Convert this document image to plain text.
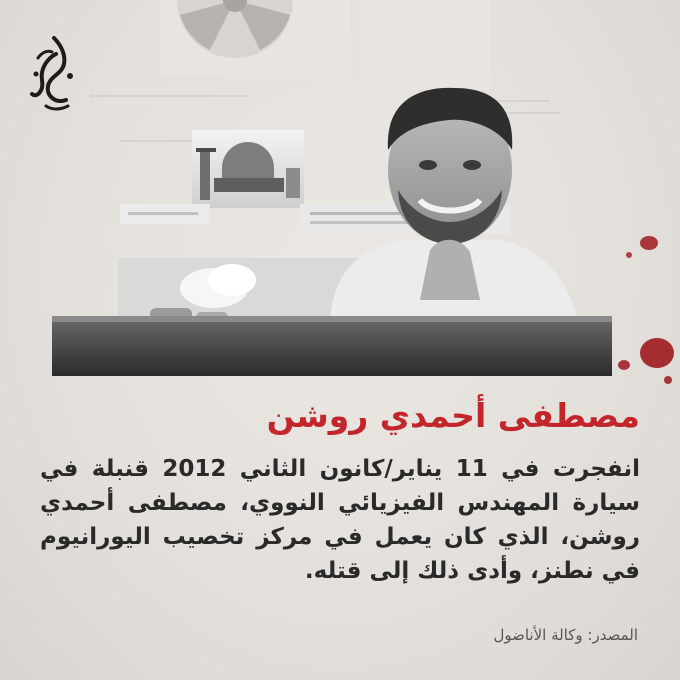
مصطفى أحمدي روشن
انفجرت في 11 يناير/كانون الثاني 2012 قنبلة في سيارة المهندس الفيزيائي النووي، مصطفى أحمدي روشن، الذي كان يعمل في مركز تخصيب اليورانيوم في نطنز، وأدى ذلك إلى قتله.
المصدر: وكالة الأناضول
